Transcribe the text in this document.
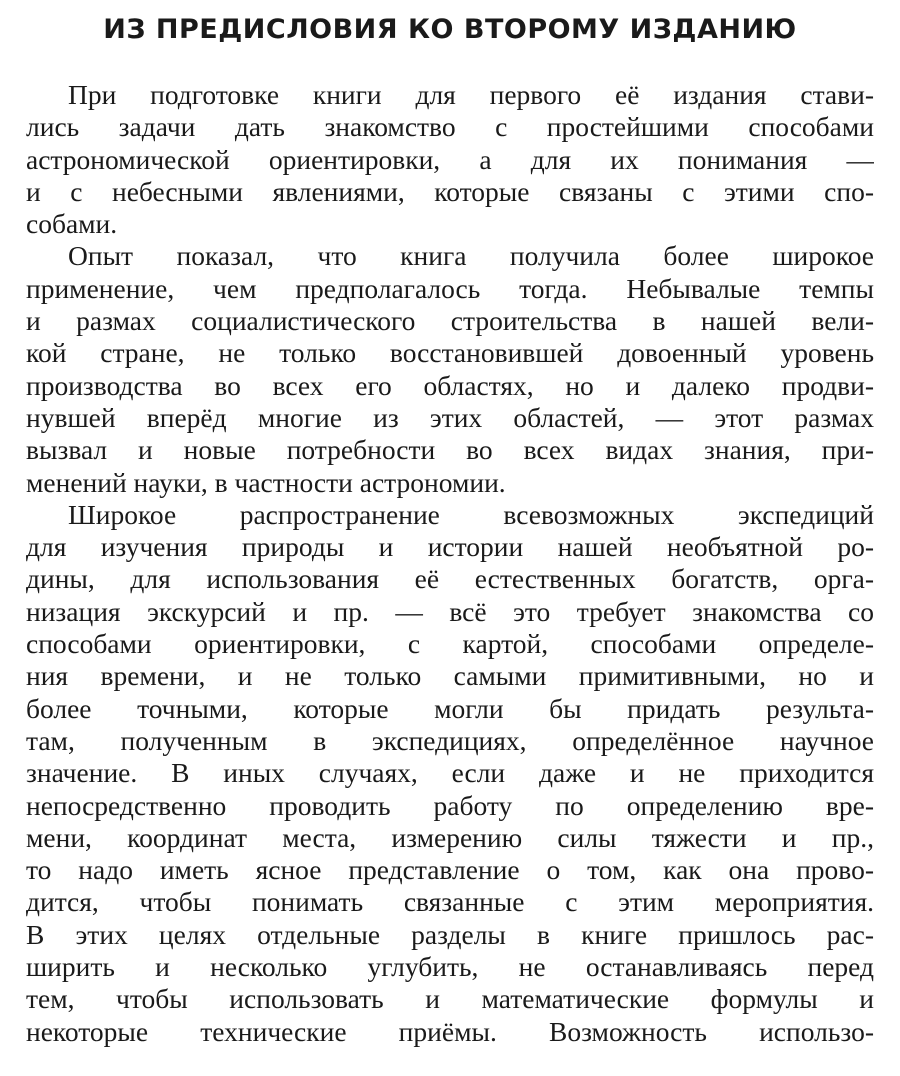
ИЗ ПРЕДИСЛОВИЯ КО ВТОРОМУ ИЗДАНИЮ
При подготовке книги для первого её издания стави-
лись задачи дать знакомство с простейшими способами
астрономической ориентировки, а для их понимания —
и с небесными явлениями, которые связаны с этими спо-
собами.
Опыт показал, что книга получила более широкое
применение, чем предполагалось тогда. Небывалые темпы
и размах социалистического строительства в нашей вели-
кой стране, не только восстановившей довоенный уровень
производства во всех его областях, но и далеко продви-
нувшей вперёд многие из этих областей, — этот размах
вызвал и новые потребности во всех видах знания, при-
менений науки, в частности астрономии.
Широкое распространение всевозможных экспедиций
для изучения природы и истории нашей необъятной ро-
дины, для использования её естественных богатств, орга-
низация экскурсий и пр. — всё это требует знакомства со
способами ориентировки, с картой, способами определе-
ния времени, и не только самыми примитивными, но и
более точными, которые могли бы придать результа-
там, полученным в экспедициях, определённое научное
значение. В иных случаях, если даже и не приходится
непосредственно проводить работу по определению вре-
мени, координат места, измерению силы тяжести и пр.,
то надо иметь ясное представление о том, как она прово-
дится, чтобы понимать связанные с этим мероприятия.
В этих целях отдельные разделы в книге пришлось рас-
ширить и несколько углубить, не останавливаясь перед
тем, чтобы использовать и математические формулы и
некоторые технические приёмы. Возможность использо-
